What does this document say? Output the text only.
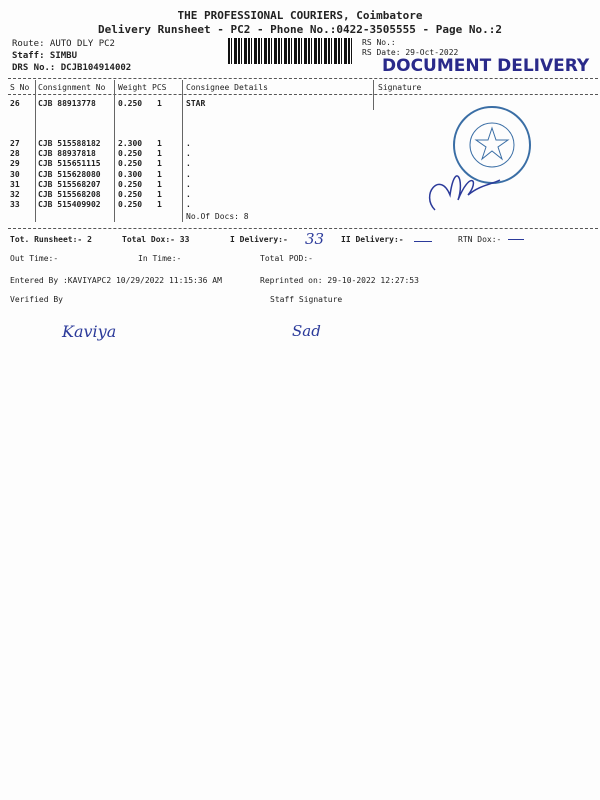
THE PROFESSIONAL COURIERS, Coimbatore
Delivery Runsheet - PC2 - Phone No.:0422-3505555 - Page No.:2
Route: AUTO DLY PC2
Staff: SIMBU
DRS No.: DCJB104914002
RS No.:
RS Date: 29-Oct-2022
DOCUMENT DELIVERY
S No Consignment No Weight PCS Consignee Details	Signature
26 CJB 88913778	0.250 1	STAR
27 CJB 515588182 2.300 1	.
28 CJB 88937818	0.250 1	.
29 CJB 515651115 0.250 1	.
30 CJB 515628080 0.300 1	.
31 CJB 515568207 0.250 1	.
32 CJB 515568208 0.250 1	.
33 CJB 515409902 0.250 1	.
No.Of Docs: 8
Tot. Runsheet:- 2	Total Dox:- 33	I Delivery:- 33 II Delivery:-	RTN Dox:-
Out Time:-	In Time:-	Total POD:-
Entered By :KAVIYAPC2 10/29/2022 11:15:36 AM	Reprinted on: 29-10-2022 12:27:53
Verified By	Staff Signature
Kaviya	Sad
